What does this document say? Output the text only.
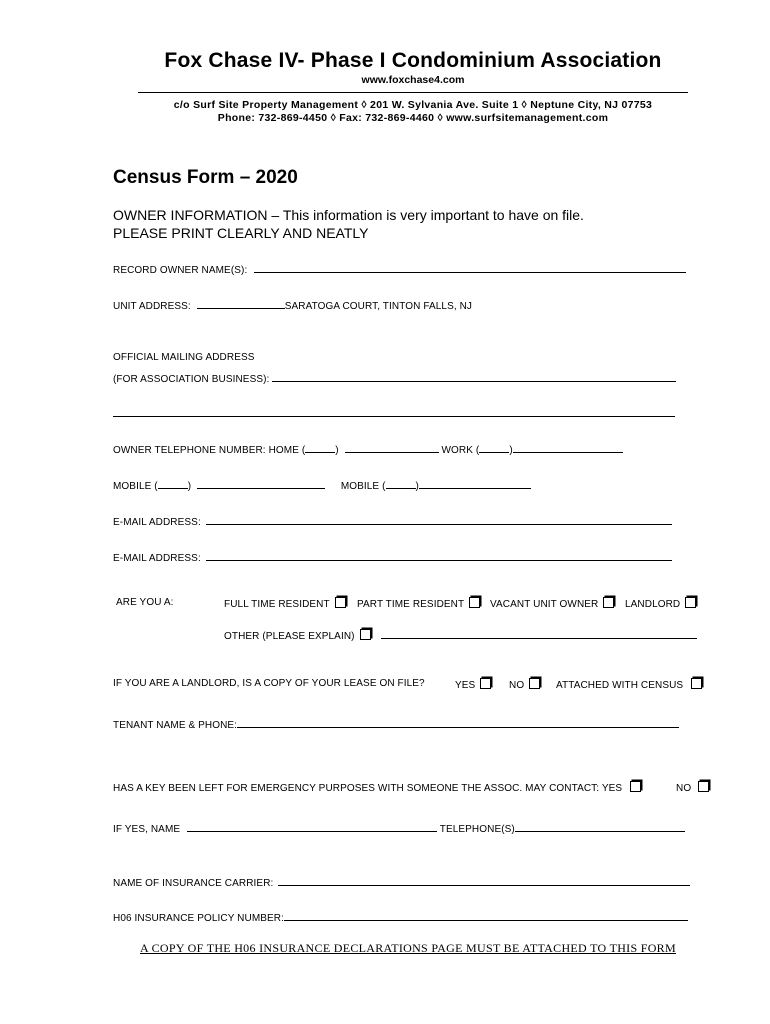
Fox Chase IV- Phase I Condominium Association
www.foxchase4.com
c/o Surf Site Property Management ◊ 201 W. Sylvania Ave. Suite 1 ◊ Neptune City, NJ 07753
Phone: 732-869-4450 ◊ Fax: 732-869-4460 ◊ www.surfsitemanagement.com
Census Form – 2020
OWNER INFORMATION – This information is very important to have on file.
PLEASE PRINT CLEARLY AND NEATLY
RECORD OWNER NAME(S):
UNIT ADDRESS:	SARATOGA COURT, TINTON FALLS, NJ
OFFICIAL MAILING ADDRESS
(FOR ASSOCIATION BUSINESS):
OWNER TELEPHONE NUMBER: HOME (	)	WORK (	)
MOBILE (	)	MOBILE (	)
E-MAIL ADDRESS:
E-MAIL ADDRESS:
ARE YOU A:	FULL TIME RESIDENT	PART TIME RESIDENT	VACANT UNIT OWNER	LANDLORD
OTHER (PLEASE EXPLAIN)
IF YOU ARE A LANDLORD, IS A COPY OF YOUR LEASE ON FILE?	YES	NO	ATTACHED WITH CENSUS
TENANT NAME & PHONE:
HAS A KEY BEEN LEFT FOR EMERGENCY PURPOSES WITH SOMEONE THE ASSOC. MAY CONTACT: YES	NO
IF YES, NAME	TELEPHONE(S)
NAME OF INSURANCE CARRIER:
H06 INSURANCE POLICY NUMBER:
A COPY OF THE H06 INSURANCE DECLARATIONS PAGE MUST BE ATTACHED TO THIS FORM
